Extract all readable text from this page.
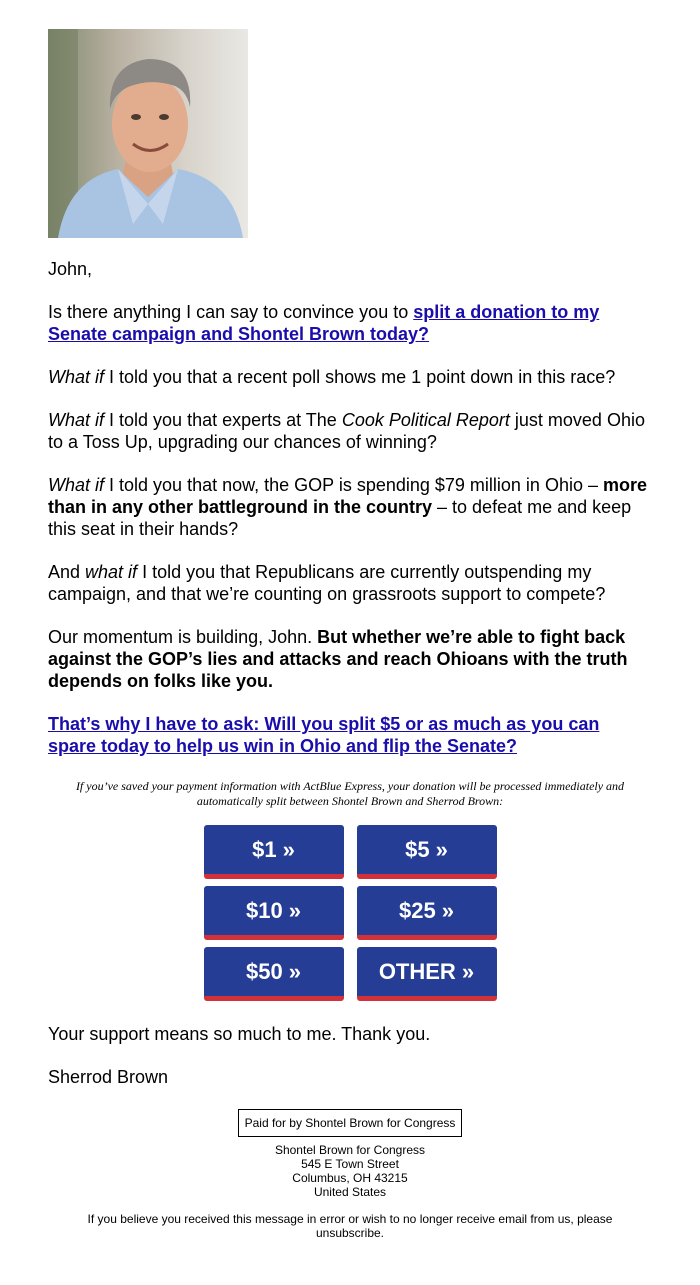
John,

Is there anything I can say to convince you to split a donation to my Senate campaign and Shontel Brown today?

What if I told you that a recent poll shows me 1 point down in this race?

What if I told you that experts at The Cook Political Report just moved Ohio to a Toss Up, upgrading our chances of winning?

What if I told you that now, the GOP is spending $79 million in Ohio – more than in any other battleground in the country – to defeat me and keep this seat in their hands?

And what if I told you that Republicans are currently outspending my campaign, and that we’re counting on grassroots support to compete?

Our momentum is building, John. But whether we’re able to fight back against the GOP’s lies and attacks and reach Ohioans with the truth depends on folks like you.

That’s why I have to ask: Will you split $5 or as much as you can spare today to help us win in Ohio and flip the Senate?

If you’ve saved your payment information with ActBlue Express, your donation will be processed immediately and automatically split between Shontel Brown and Sherrod Brown:

$1 »	$5 »
$10 »	$25 »
$50 »	OTHER »

Your support means so much to me. Thank you.

Sherrod Brown

Paid for by Shontel Brown for Congress
Shontel Brown for Congress
545 E Town Street
Columbus, OH 43215
United States
If you believe you received this message in error or wish to no longer receive email from us, please unsubscribe.
